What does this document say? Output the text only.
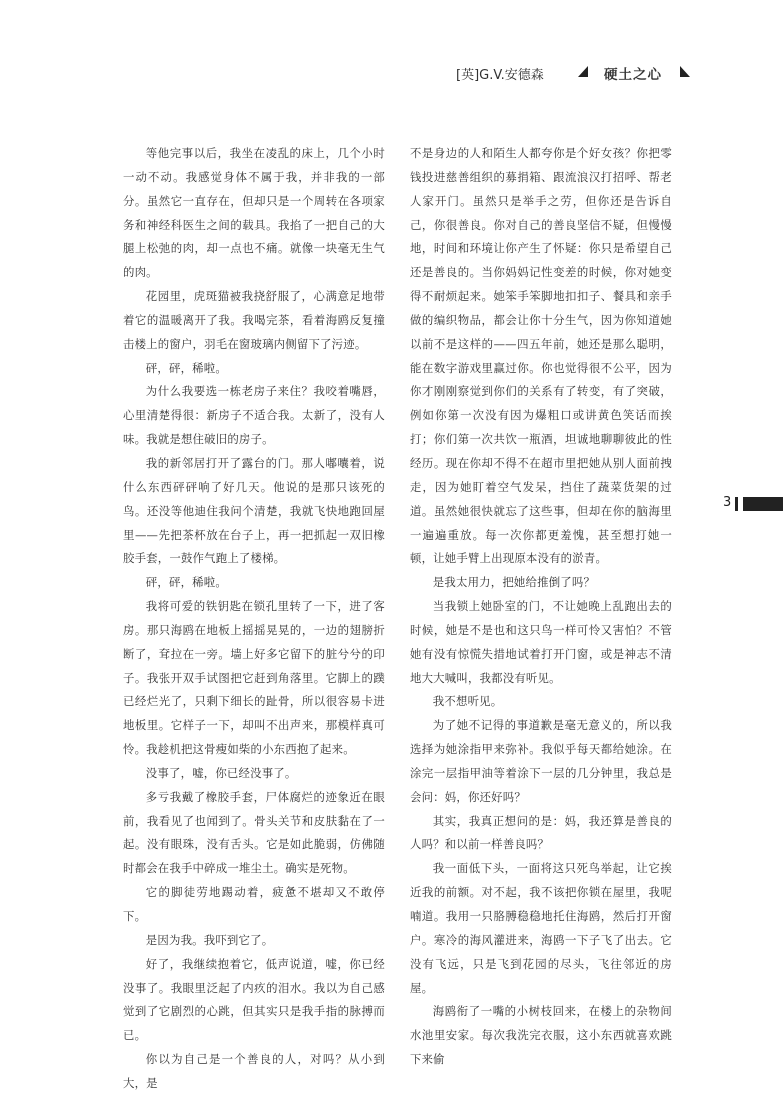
[英]G.V.安德森	硬土之心

等他完事以后，我坐在凌乱的床上，几个小时一动不动。我感觉身体不属于我，并非我的一部分。虽然它一直存在，但却只是一个周转在各项家务和神经科医生之间的载具。我掐了一把自己的大腿上松弛的肉，却一点也不痛。就像一块毫无生气的肉。

花园里，虎斑猫被我挠舒服了，心满意足地带着它的温暖离开了我。我喝完茶，看着海鸥反复撞击楼上的窗户，羽毛在窗玻璃内侧留下了污迹。

砰，砰，稀啦。

为什么我要选一栋老房子来住？我咬着嘴唇，心里清楚得很：新房子不适合我。太新了，没有人味。我就是想住破旧的房子。

我的新邻居打开了露台的门。那人嘟囔着，说什么东西砰砰响了好几天。他说的是那只该死的鸟。还没等他迪住我问个清楚，我就飞快地跑回屋里——先把茶杯放在台子上，再一把抓起一双旧橡胶手套，一鼓作气跑上了楼梯。

砰，砰，稀啦。

我将可爱的铁钥匙在锁孔里转了一下，进了客房。那只海鸥在地板上摇摇晃晃的，一边的翅膀折断了，耷拉在一旁。墙上好多它留下的脏兮兮的印子。我张开双手试图把它赶到角落里。它脚上的蹼已经烂光了，只剩下细长的趾骨，所以很容易卡进地板里。它样子一下，却叫不出声来，那模样真可怜。我趁机把这骨瘦如柴的小东西抱了起来。

没事了，嘘，你已经没事了。

多亏我戴了橡胶手套，尸体腐烂的迹象近在眼前，我看见了也闻到了。骨头关节和皮肤黏在了一起。没有眼珠，没有舌头。它是如此脆弱，仿佛随时都会在我手中碎成一堆尘土。确实是死物。

它的脚徒劳地踢动着，疲惫不堪却又不敢停下。

是因为我。我吓到它了。

好了，我继续抱着它，低声说道，嘘，你已经没事了。我眼里泛起了内疚的泪水。我以为自己感觉到了它剧烈的心跳，但其实只是我手指的脉搏而已。

你以为自己是一个善良的人，对吗？从小到大，是

不是身边的人和陌生人都夸你是个好女孩？你把零钱投进慈善组织的募捐箱、跟流浪汉打招呼、帮老人家开门。虽然只是举手之劳，但你还是告诉自己，你很善良。你对自己的善良坚信不疑，但慢慢地，时间和环境让你产生了怀疑：你只是希望自己还是善良的。当你妈妈记性变差的时候，你对她变得不耐烦起来。她笨手笨脚地扣扣子、餐具和亲手做的编织物品，都会让你十分生气，因为你知道她以前不是这样的——四五年前，她还是那么聪明，能在数字游戏里赢过你。你也觉得很不公平，因为你才刚刚察觉到你们的关系有了转变，有了突破，例如你第一次没有因为爆粗口或讲黄色笑话而挨打；你们第一次共饮一瓶酒，坦诚地聊聊彼此的性经历。现在你却不得不在超市里把她从别人面前拽走，因为她盯着空气发呆，挡住了蔬菜货架的过道。虽然她很快就忘了这些事，但却在你的脑海里一遍遍重放。每一次你都更羞愧，甚至想打她一顿，让她手臂上出现原本没有的淤青。

是我太用力，把她给推倒了吗？

当我锁上她卧室的门，不让她晚上乱跑出去的时候，她是不是也和这只鸟一样可怜又害怕？不管她有没有惊慌失措地试着打开门窗，或是神志不清地大大喊叫，我都没有听见。

我不想听见。

为了她不记得的事道歉是毫无意义的，所以我选择为她涂指甲来弥补。我似乎每天都给她涂。在涂完一层指甲油等着涂下一层的几分钟里，我总是会问：妈，你还好吗？

其实，我真正想问的是：妈，我还算是善良的人吗？和以前一样善良吗？

我一面低下头，一面将这只死鸟举起，让它挨近我的前额。对不起，我不该把你锁在屋里，我呢喃道。我用一只胳膊稳稳地托住海鸥，然后打开窗户。寒冷的海风灌进来，海鸥一下子飞了出去。它没有飞远，只是飞到花园的尽头，飞往邻近的房屋。

海鸥衔了一嘴的小树枝回来，在楼上的杂物间水池里安家。每次我洗完衣服，这小东西就喜欢跳下来偷

3
